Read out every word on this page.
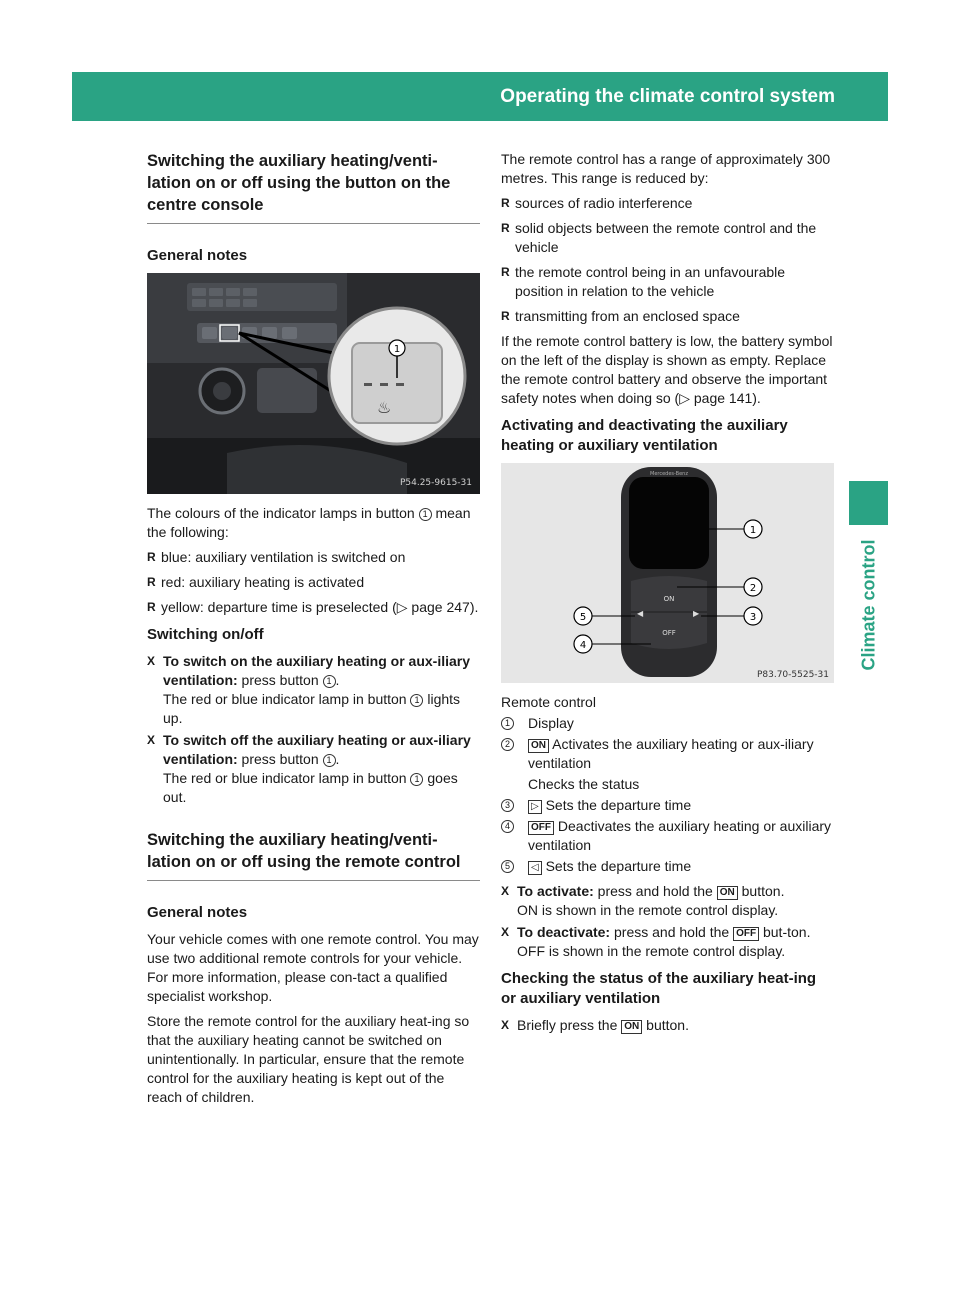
Operating the climate control system	139
Climate control
Switching the auxiliary heating/venti-lation on or off using the button on the centre console
General notes
♨
1
P54.25-9615-31

The colours of the indicator lamps in button 1 mean the following:

R blue: auxiliary ventilation is switched on
R red: auxiliary heating is activated
R yellow: departure time is preselected (▷ page 247).
Switching on/off
X To switch on the auxiliary heating or aux-iliary ventilation: press button 1 .
The red or blue indicator lamp in button 1 lights up.
X To switch off the auxiliary heating or aux-iliary ventilation: press button 1 .
The red or blue indicator lamp in button 1 goes out.
Switching the auxiliary heating/venti-lation on or off using the remote control
General notes

Your vehicle comes with one remote control. You may use two additional remote controls for your vehicle. For more information, please con-tact a qualified specialist workshop.

Store the remote control for the auxiliary heat-ing so that the auxiliary heating cannot be switched on unintentionally. In particular, ensure that the remote control for the auxiliary heating is kept out of the reach of children.

The remote control has a range of approximately 300 metres. This range is reduced by:

R sources of radio interference
R solid objects between the remote control and the vehicle
R the remote control being in an unfavourable position in relation to the vehicle
R transmitting from an enclosed space

If the remote control battery is low, the battery symbol on the left of the display is shown as empty. Replace the remote control battery and observe the important safety notes when doing so (▷ page 141).

Activating and deactivating the auxiliary heating or auxiliary ventilation
Mercedes-Benz
ON
OFF
◀	▶
1
2
3
5
4
P83.70-5525-31

Remote control

1 Display
2	ON Activates the auxiliary heating or aux-iliary ventilation
Checks the status
3	▷ Sets the departure time
4	OFF Deactivates the auxiliary heating or auxiliary ventilation
5	◁ Sets the departure time
X To activate: press and hold the ON button.
ON is shown in the remote control display.
X To deactivate: press and hold the OFF but-ton.
OFF is shown in the remote control display.
Checking the status of the auxiliary heat-ing or auxiliary ventilation
X Briefly press the ON button.
